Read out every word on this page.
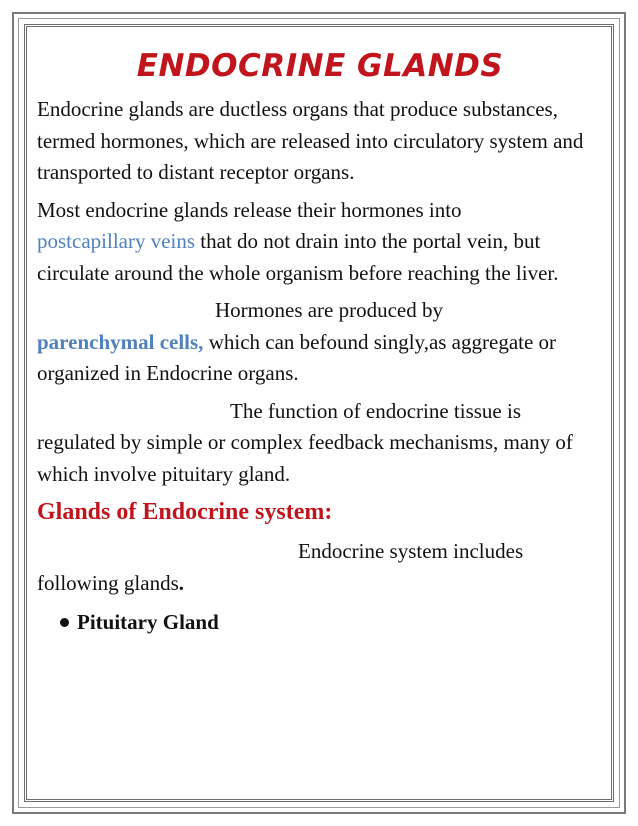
ENDOCRINE GLANDS

Endocrine glands are ductless organs that produce substances, termed hormones, which are released into circulatory system and transported to distant receptor organs.

Most endocrine glands release their hormones into
postcapillary veins that do not drain into the portal vein, but circulate around the whole organism before reaching the liver.

Hormones are produced by
parenchymal cells, which can befound singly,as aggregate or organized in Endocrine organs.

The function of endocrine tissue is
regulated by simple or complex feedback mechanisms, many of which involve pituitary gland.

Glands of Endocrine system:

Endocrine system includes
following glands.

Pituitary Gland
